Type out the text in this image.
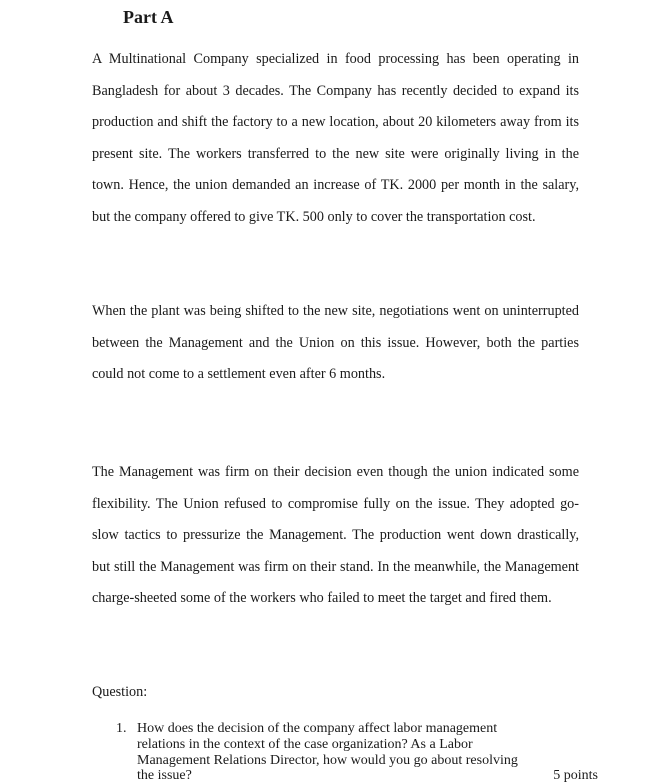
Part A

A Multinational Company specialized in food processing has been operating in Bangladesh for about 3 decades. The Company has recently decided to expand its production and shift the factory to a new location, about 20 kilometers away from its present site. The workers transferred to the new site were originally living in the town. Hence, the union demanded an increase of TK. 2000 per month in the salary, but the company offered to give TK. 500 only to cover the transportation cost.

When the plant was being shifted to the new site, negotiations went on uninterrupted between the Management and the Union on this issue. However, both the parties could not come to a settlement even after 6 months.

The Management was firm on their decision even though the union indicated some flexibility. The Union refused to compromise fully on the issue. They adopted go-slow tactics to pressurize the Management. The production went down drastically, but still the Management was firm on their stand. In the meanwhile, the Management charge-sheeted some of the workers who failed to meet the target and fired them.

Question:

1. How does the decision of the company affect labor management relations in the context of the case organization? As a Labor Management Relations Director, how would you go about resolving the issue?	5 points
